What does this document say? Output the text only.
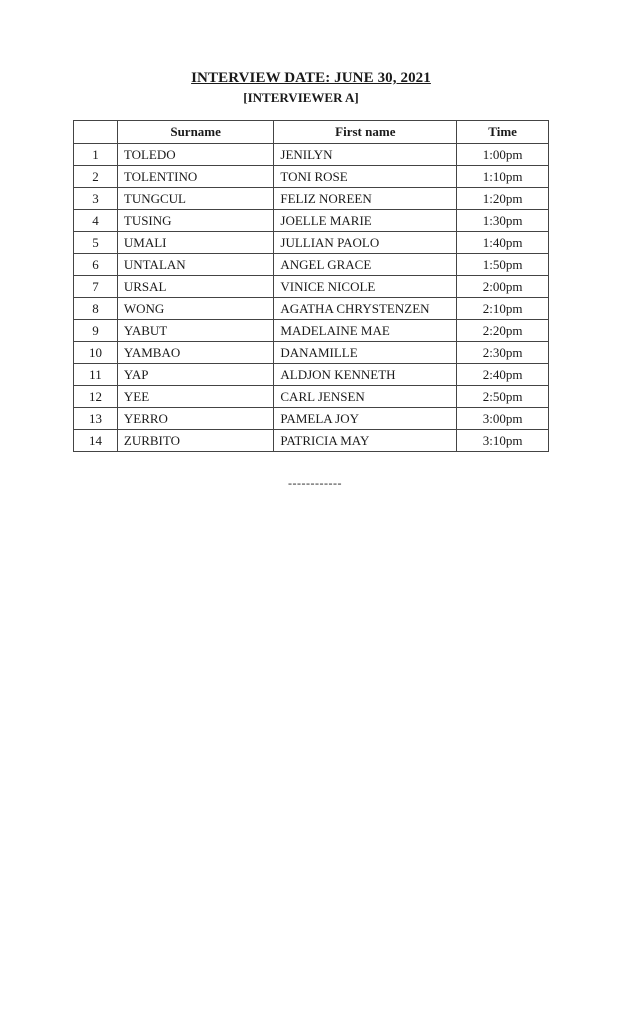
INTERVIEW DATE: JUNE 30, 2021
[INTERVIEWER A]
	Surname	First name	Time
1	TOLEDO	JENILYN	1:00pm
2	TOLENTINO	TONI ROSE	1:10pm
3	TUNGCUL	FELIZ NOREEN	1:20pm
4	TUSING	JOELLE MARIE	1:30pm
5	UMALI	JULLIAN PAOLO	1:40pm
6	UNTALAN	ANGEL GRACE	1:50pm
7	URSAL	VINICE NICOLE	2:00pm
8	WONG	AGATHA CHRYSTENZEN	2:10pm
9	YABUT	MADELAINE MAE	2:20pm
10	YAMBAO	DANAMILLE	2:30pm
11	YAP	ALDJON KENNETH	2:40pm
12	YEE	CARL JENSEN	2:50pm
13	YERRO	PAMELA JOY	3:00pm
14	ZURBITO	PATRICIA MAY	3:10pm
------------
